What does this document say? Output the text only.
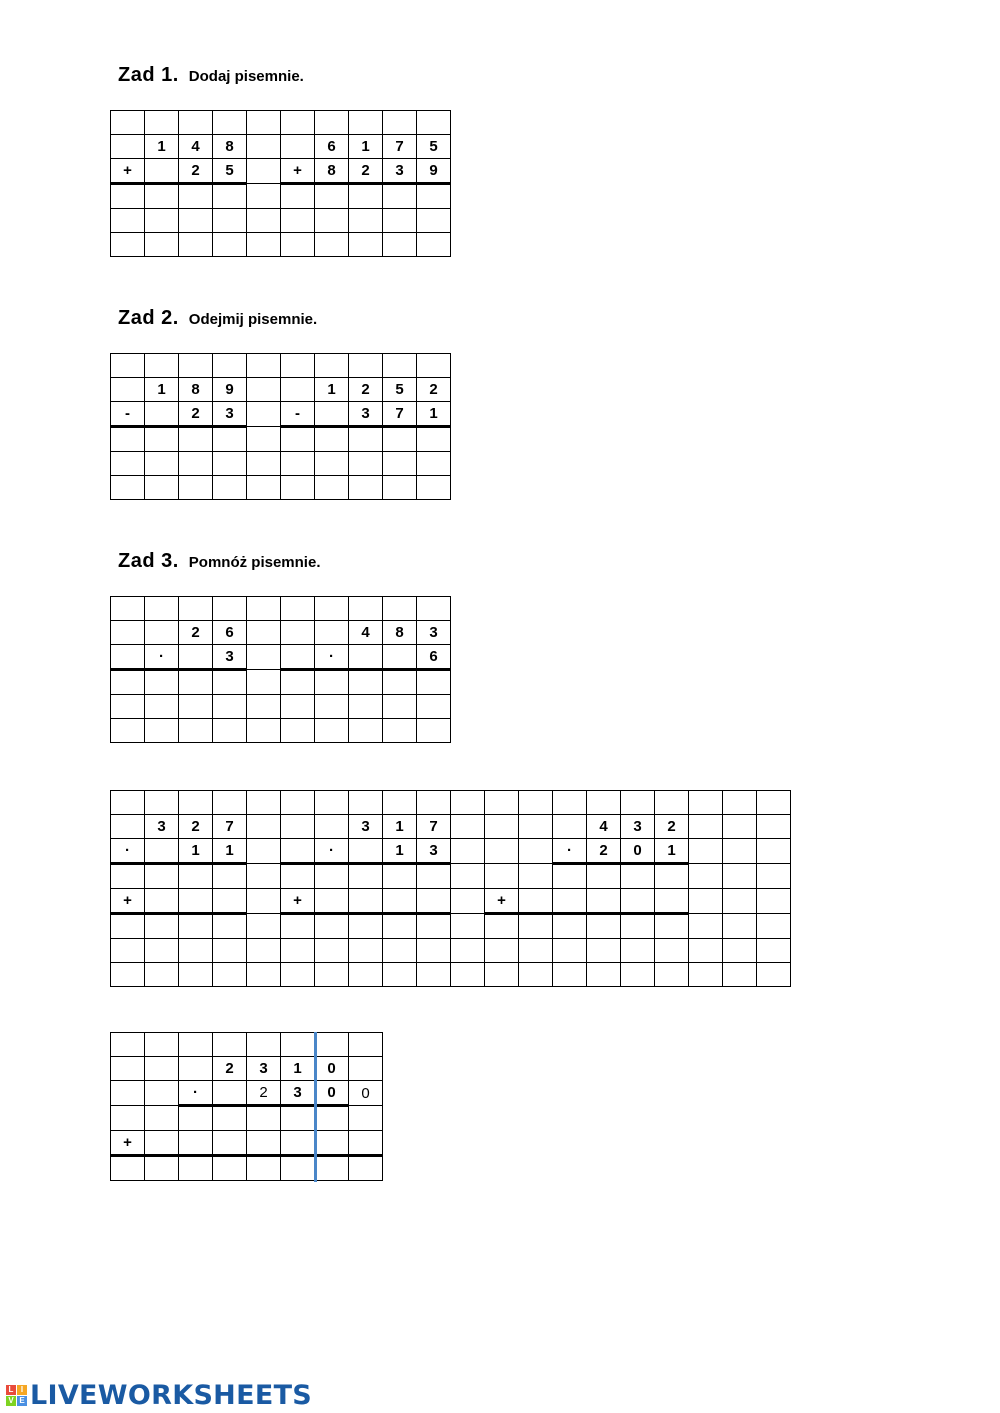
Zad 1. Dodaj pisemnie.
Zad 2. Odejmij pisemnie.
Zad 3. Pomnóż pisemnie.

	1	4	8			6	1	7	5
+		2	5		+	8	2	3	9

	1	8	9			1	2	5	2
-		2	3		-		3	7	1

		2	6				4	8	3
	·		3			·			6

	3	2	7				3	1	7					4	3	2			
·		1	1			·		1	3				·	2	0	1			

+					+						+								

			2	3	1	0	
		·		2	3	0	0

+							

L I
V E LIVEWORKSHEETS
